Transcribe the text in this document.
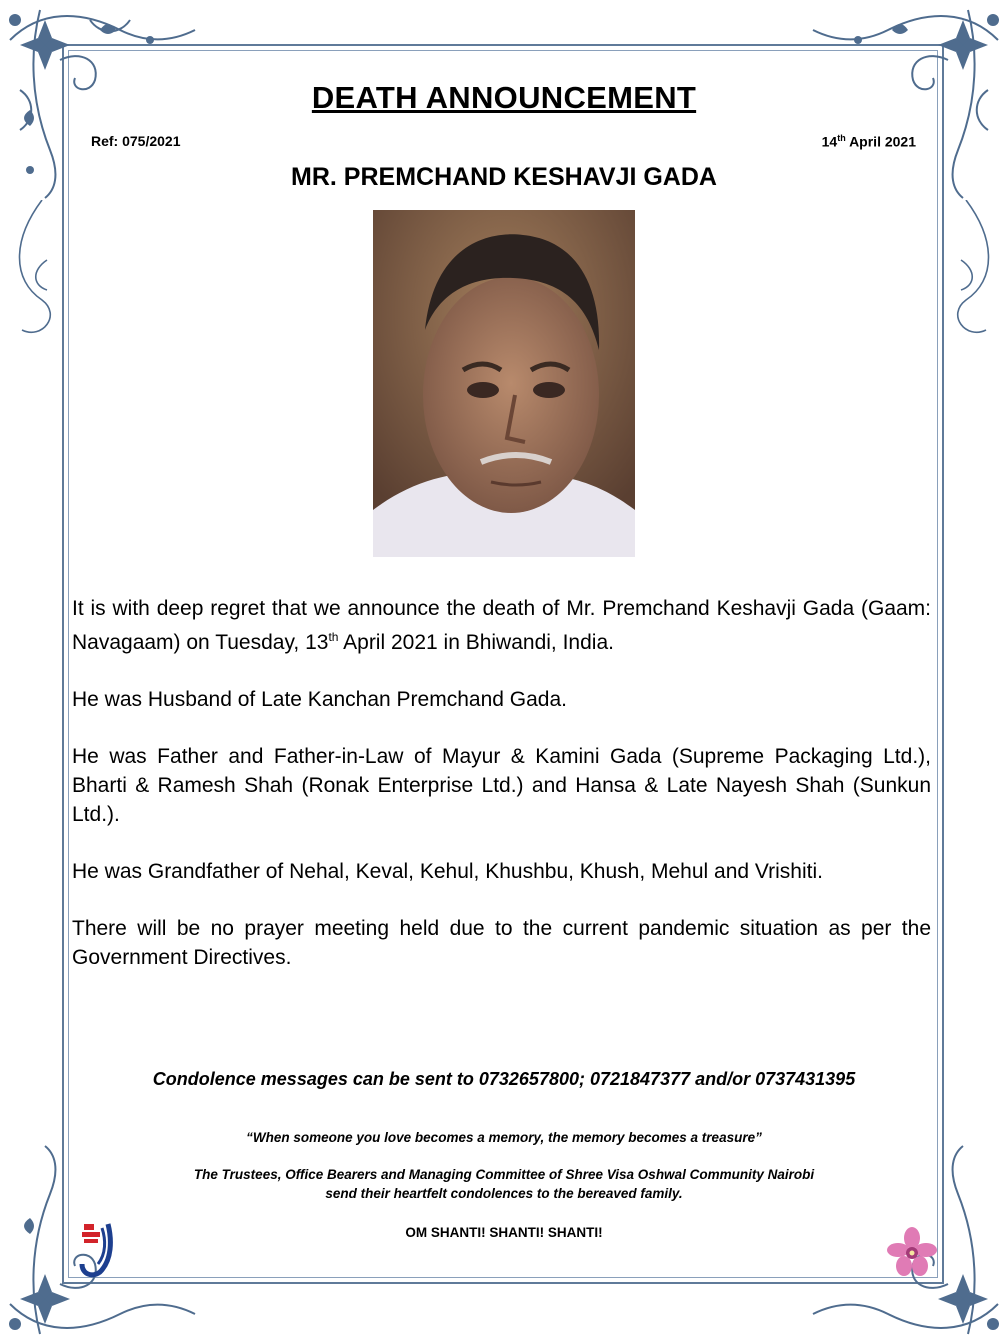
DEATH ANNOUNCEMENT
Ref: 075/2021	14th April 2021
MR. PREMCHAND KESHAVJI GADA

It is with deep regret that we announce the death of Mr. Premchand Keshavji Gada (Gaam: Navagaam) on Tuesday, 13th April 2021 in Bhiwandi, India.

He was Husband of Late Kanchan Premchand Gada.

He was Father and Father-in-Law of Mayur & Kamini Gada (Supreme Packaging Ltd.), Bharti & Ramesh Shah (Ronak Enterprise Ltd.) and Hansa & Late Nayesh Shah (Sunkun Ltd.).

He was Grandfather of Nehal, Keval, Kehul, Khushbu, Khush, Mehul and Vrishiti.

There will be no prayer meeting held due to the current pandemic situation as per the Government Directives.

Condolence messages can be sent to 0732657800; 0721847377 and/or 0737431395
“When someone you love becomes a memory, the memory becomes a treasure”
The Trustees, Office Bearers and Managing Committee of Shree Visa Oshwal Community Nairobi
send their heartfelt condolences to the bereaved family.
OM SHANTI! SHANTI! SHANTI!
